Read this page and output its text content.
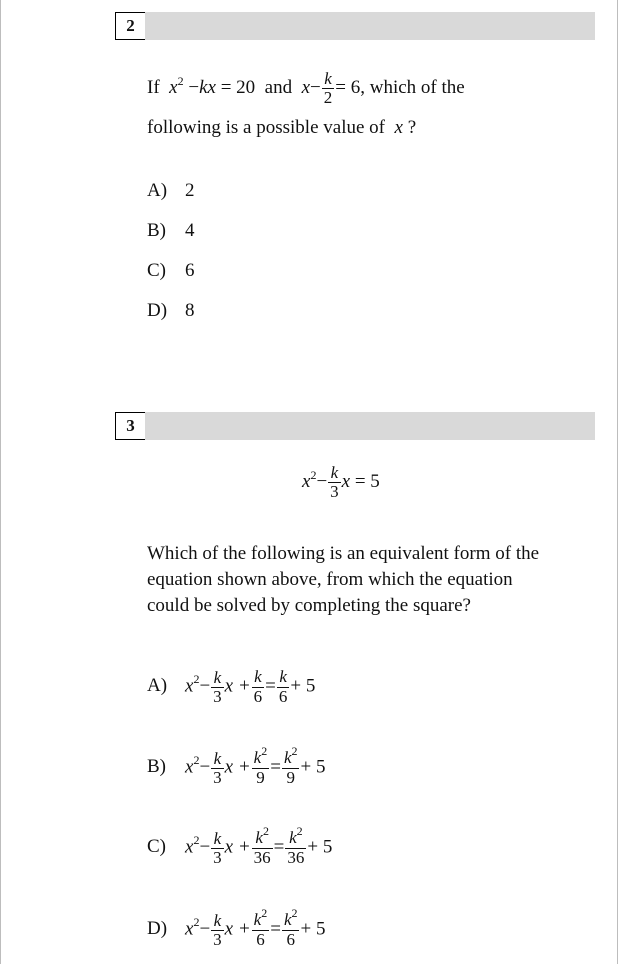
2
If $x^2 -kx = 20$ and $x- \frac{k}{2} = 6$, which of the
following is a possible value of x ?
A) 2
B) 4
C) 6
D) 8
3
$x^2- \frac{k}{3}$ x = 5
Which of the following is an equivalent form of the
equation shown above, from which the equation
could be solved by completing the square?
A) $x^2- \frac{k}{3}$ $x + \frac{k}{6} = \frac{k}{6} + 5$
B) $x^2- \frac{k}{3}$ $x + \frac{k^2}{9} = \frac{k^2}{9} + 5$
C) $x^2- \frac{k}{3}$ $x + \frac{k^2}{36} = \frac{k^2}{36} + 5$
D) $x^2- \frac{k}{3}$ $x + \frac{k^2}{6} = \frac{k^2}{6} + 5$
